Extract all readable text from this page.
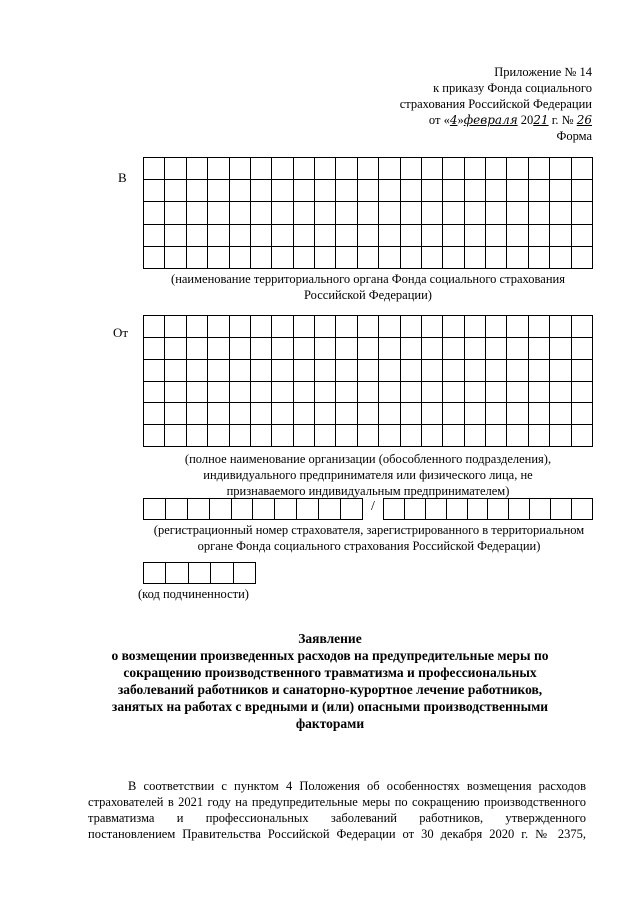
Приложение № 14
к приказу Фонда социального
страхования Российской Федерации
от «4»февраля 2021 г. № 26
Форма
В
(наименование территориального органа Фонда социального страхования
Российской Федерации)
От
(полное наименование организации (обособленного подразделения),
индивидуального предпринимателя или физического лица, не
признаваемого индивидуальным предпринимателем)
/
(регистрационный номер страхователя, зарегистрированного в территориальном
органе Фонда социального страхования Российской Федерации)
(код подчиненности)
Заявление
о возмещении произведенных расходов на предупредительные меры по
сокращению производственного травматизма и профессиональных
заболеваний работников и санаторно-курортное лечение работников,
занятых на работах с вредными и (или) опасными производственными
факторами
В соответствии с пунктом 4 Положения об особенностях возмещения расходов
страхователей в 2021 году на предупредительные меры по сокращению производственного
травматизма и профессиональных заболеваний работников, утвержденного
постановлением Правительства Российской Федерации от 30 декабря 2020 г. № 2375,
